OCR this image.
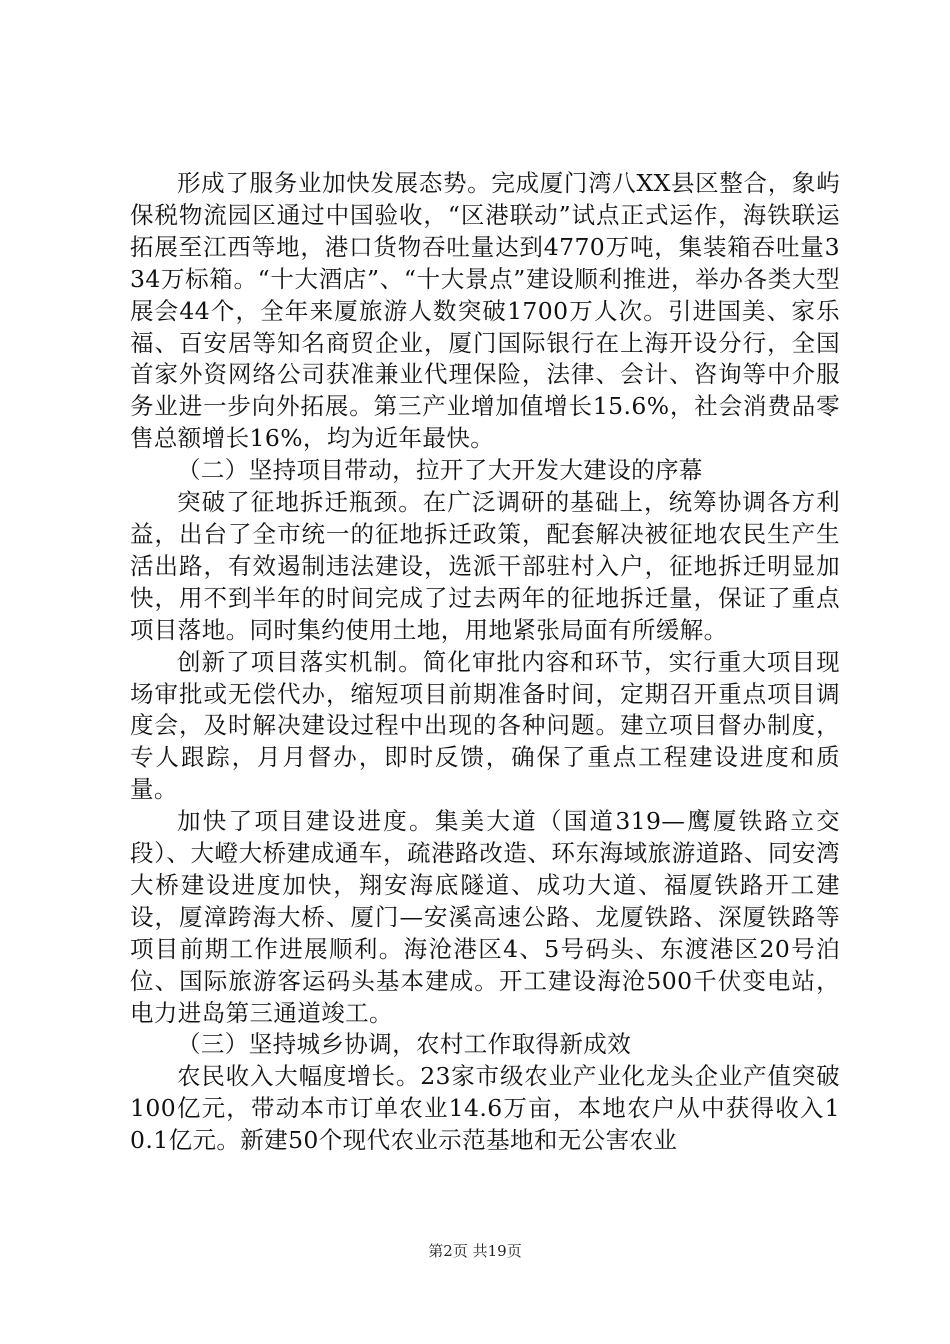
形成了服务业加快发展态势。完成厦门湾八XX县区整合，象屿保税物流园区通过中国验收，“区港联动”试点正式运作，海铁联运拓展至江西等地，港口货物吞吐量达到4770万吨，集装箱吞吐量334万标箱。“十大酒店”、“十大景点”建设顺利推进，举办各类大型展会44个，全年来厦旅游人数突破1700万人次。引进国美、家乐福、百安居等知名商贸企业，厦门国际银行在上海开设分行，全国首家外资网络公司获准兼业代理保险，法律、会计、咨询等中介服务业进一步向外拓展。第三产业增加值增长15.6%，社会消费品零售总额增长16%，均为近年最快。

（二）坚持项目带动，拉开了大开发大建设的序幕

突破了征地拆迁瓶颈。在广泛调研的基础上，统筹协调各方利益，出台了全市统一的征地拆迁政策，配套解决被征地农民生产生活出路，有效遏制违法建设，选派干部驻村入户，征地拆迁明显加快，用不到半年的时间完成了过去两年的征地拆迁量，保证了重点项目落地。同时集约使用土地，用地紧张局面有所缓解。

创新了项目落实机制。简化审批内容和环节，实行重大项目现场审批或无偿代办，缩短项目前期准备时间，定期召开重点项目调度会，及时解决建设过程中出现的各种问题。建立项目督办制度，专人跟踪，月月督办，即时反馈，确保了重点工程建设进度和质量。

加快了项目建设进度。集美大道（国道319—鹰厦铁路立交段）、大嶝大桥建成通车，疏港路改造、环东海域旅游道路、同安湾大桥建设进度加快，翔安海底隧道、成功大道、福厦铁路开工建设，厦漳跨海大桥、厦门—安溪高速公路、龙厦铁路、深厦铁路等项目前期工作进展顺利。海沧港区4、5号码头、东渡港区20号泊位、国际旅游客运码头基本建成。开工建设海沧500千伏变电站，电力进岛第三通道竣工。

（三）坚持城乡协调，农村工作取得新成效

农民收入大幅度增长。23家市级农业产业化龙头企业产值突破100亿元，带动本市订单农业14.6万亩，本地农户从中获得收入10.1亿元。新建50个现代农业示范基地和无公害农业

第2页 共19页
